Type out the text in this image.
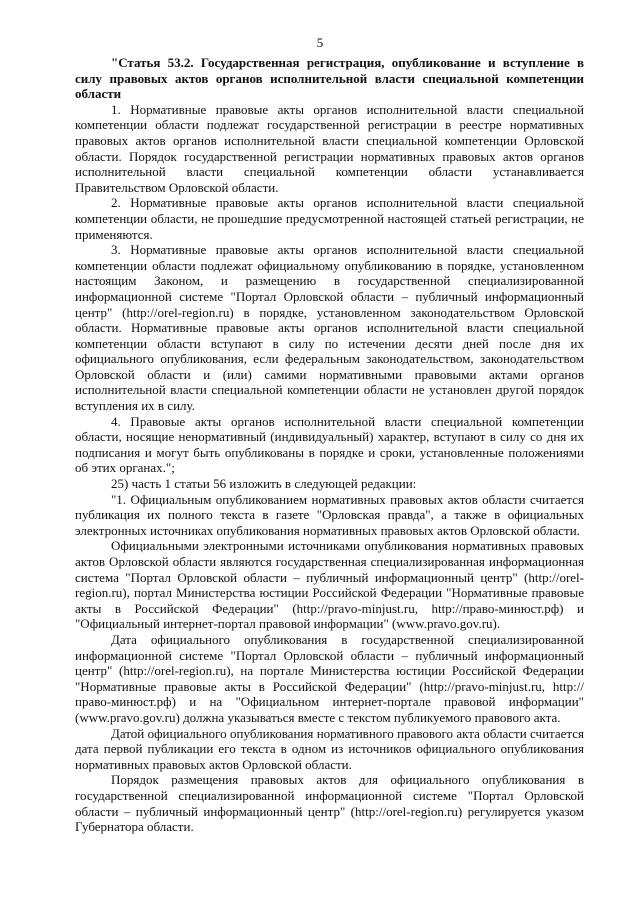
5

"Статья 53.2. Государственная регистрация, опубликование и вступление в силу правовых актов органов исполнительной власти специальной компетенции области

1. Нормативные правовые акты органов исполнительной власти специальной компетенции области подлежат государственной регистрации в реестре нормативных правовых актов органов исполнительной власти специальной компетенции Орловской области. Порядок государственной регистрации нормативных правовых актов органов исполнительной власти специальной компетенции области устанавливается Правительством Орловской области.

2. Нормативные правовые акты органов исполнительной власти специальной компетенции области, не прошедшие предусмотренной настоящей статьей регистрации, не применяются.

3. Нормативные правовые акты органов исполнительной власти специальной компетенции области подлежат официальному опубликованию в порядке, установленном настоящим Законом, и размещению в государственной специализированной информационной системе "Портал Орловской области – публичный информационный центр" (http://orel-region.ru) в порядке, установленном законодательством Орловской области. Нормативные правовые акты органов исполнительной власти специальной компетенции области вступают в силу по истечении десяти дней после дня их официального опубликования, если федеральным законодательством, законодательством Орловской области и (или) самими нормативными правовыми актами органов исполнительной власти специальной компетенции области не установлен другой порядок вступления их в силу.

4. Правовые акты органов исполнительной власти специальной компетенции области, носящие ненормативный (индивидуальный) характер, вступают в силу со дня их подписания и могут быть опубликованы в порядке и сроки, установленные положениями об этих органах.";

25) часть 1 статьи 56 изложить в следующей редакции:

"1. Официальным опубликованием нормативных правовых актов области считается публикация их полного текста в газете "Орловская правда", а также в официальных электронных источниках опубликования нормативных правовых актов Орловской области.

Официальными электронными источниками опубликования нормативных правовых актов Орловской области являются государственная специализированная информационная система "Портал Орловской области – публичный информационный центр" (http://orel-region.ru), портал Министерства юстиции Российской Федерации "Нормативные правовые акты в Российской Федерации" (http://pravo-minjust.ru, http://право-минюст.рф) и "Официальный интернет-портал правовой информации" (www.pravo.gov.ru).

Дата официального опубликования в государственной специализированной информационной системе "Портал Орловской области – публичный информационный центр" (http://orel-region.ru), на портале Министерства юстиции Российской Федерации "Нормативные правовые акты в Российской Федерации" (http://pravo-minjust.ru, http://право-минюст.рф) и на "Официальном интернет-портале правовой информации" (www.pravo.gov.ru) должна указываться вместе с текстом публикуемого правового акта.

Датой официального опубликования нормативного правового акта области считается дата первой публикации его текста в одном из источников официального опубликования нормативных правовых актов Орловской области.

Порядок размещения правовых актов для официального опубликования в государственной специализированной информационной системе "Портал Орловской области – публичный информационный центр" (http://orel-region.ru) регулируется указом Губернатора области.
